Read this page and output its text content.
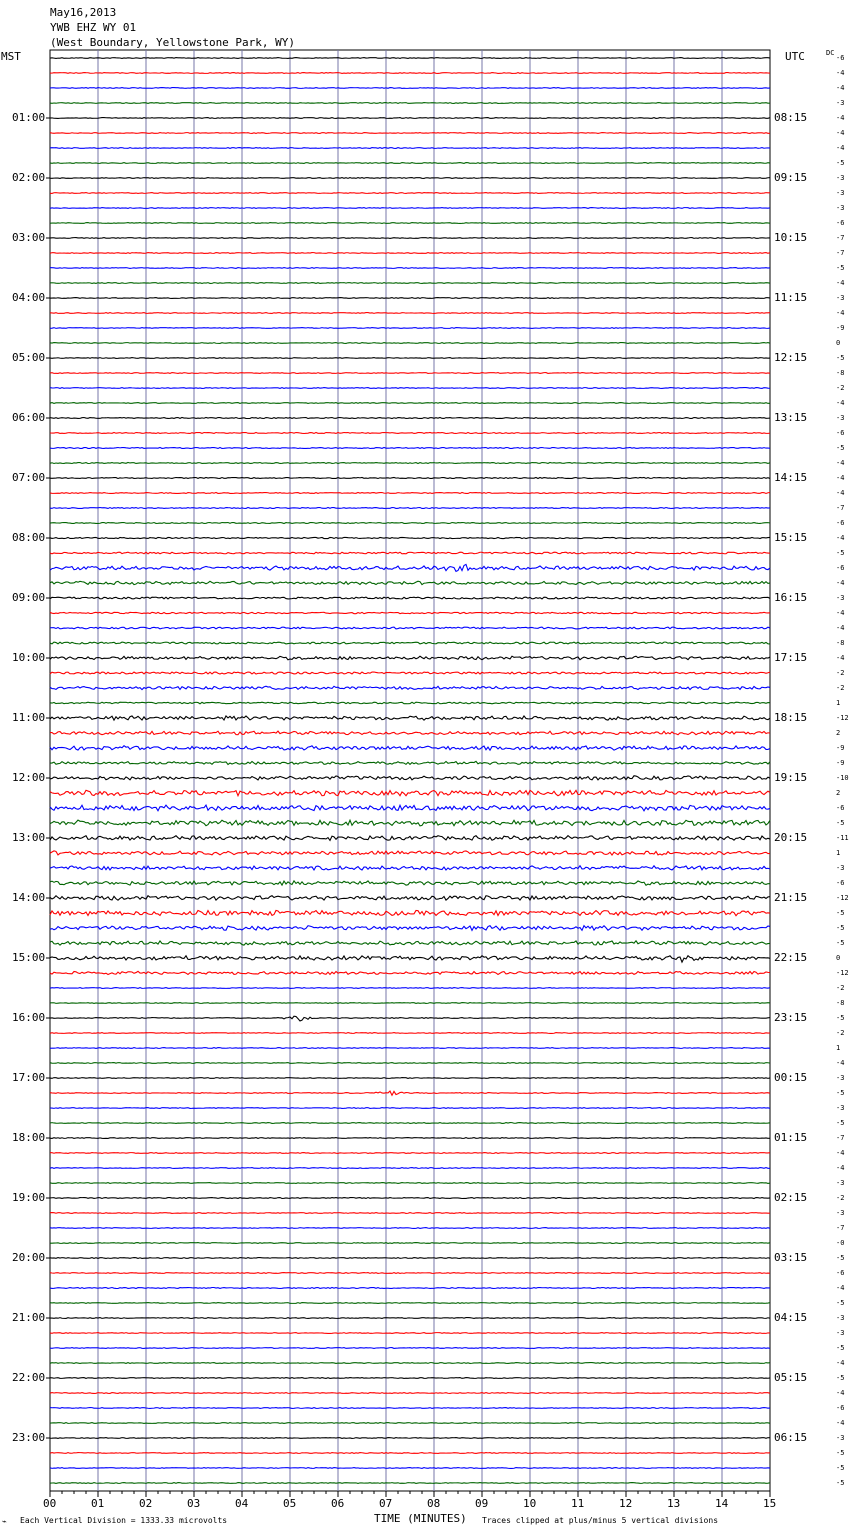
May16,2013
YWB EHZ WY 01
(West Boundary, Yellowstone Park, WY)
MST	UTC	DC
-6
-4
-4
-3
-4
-4
-4
-5
-3
-3
-3
-6
-7
-7
-5
-4
-3
-4
-9
0
-5
-8
-2
-4
-3
-6
-5
-4
-4
-4
-7
-6
-4
-5
-6
-4
-3
-4
-4
-8
-4
-2
-2
1
-12
2
-9
-9
-10
2
-6
-5
-11
1
-3
-6
-12
-5
-5
-5
0
-12
-2
-8
-5
-2
1
-4
-3
-5
-3
-5
-7
-4
-4
-3
-2
-3
-7
-0
-5
-6
-4
-5
-3
-3
-5
-4
-5
-4
-6
-4
-3
-5
-5
-5
01:00	08:15
02:00	09:15
03:00	10:15
04:00	11:15
05:00	12:15
06:00	13:15
07:00	14:15
08:00	15:15
09:00	16:15
10:00	17:15
11:00	18:15
12:00	19:15
13:00	20:15
14:00	21:15
15:00	22:15
16:00	23:15
17:00	00:15
18:00	01:15
19:00	02:15
20:00	03:15
21:00	04:15
22:00	05:15
23:00	06:15
00	01	02	03	04	05	06	07	08	09	10	11	12	13	14	15
⌁ Each Vertical Division = 1333.33 microvolts	TIME (MINUTES) Traces clipped at plus/minus 5 vertical divisions
